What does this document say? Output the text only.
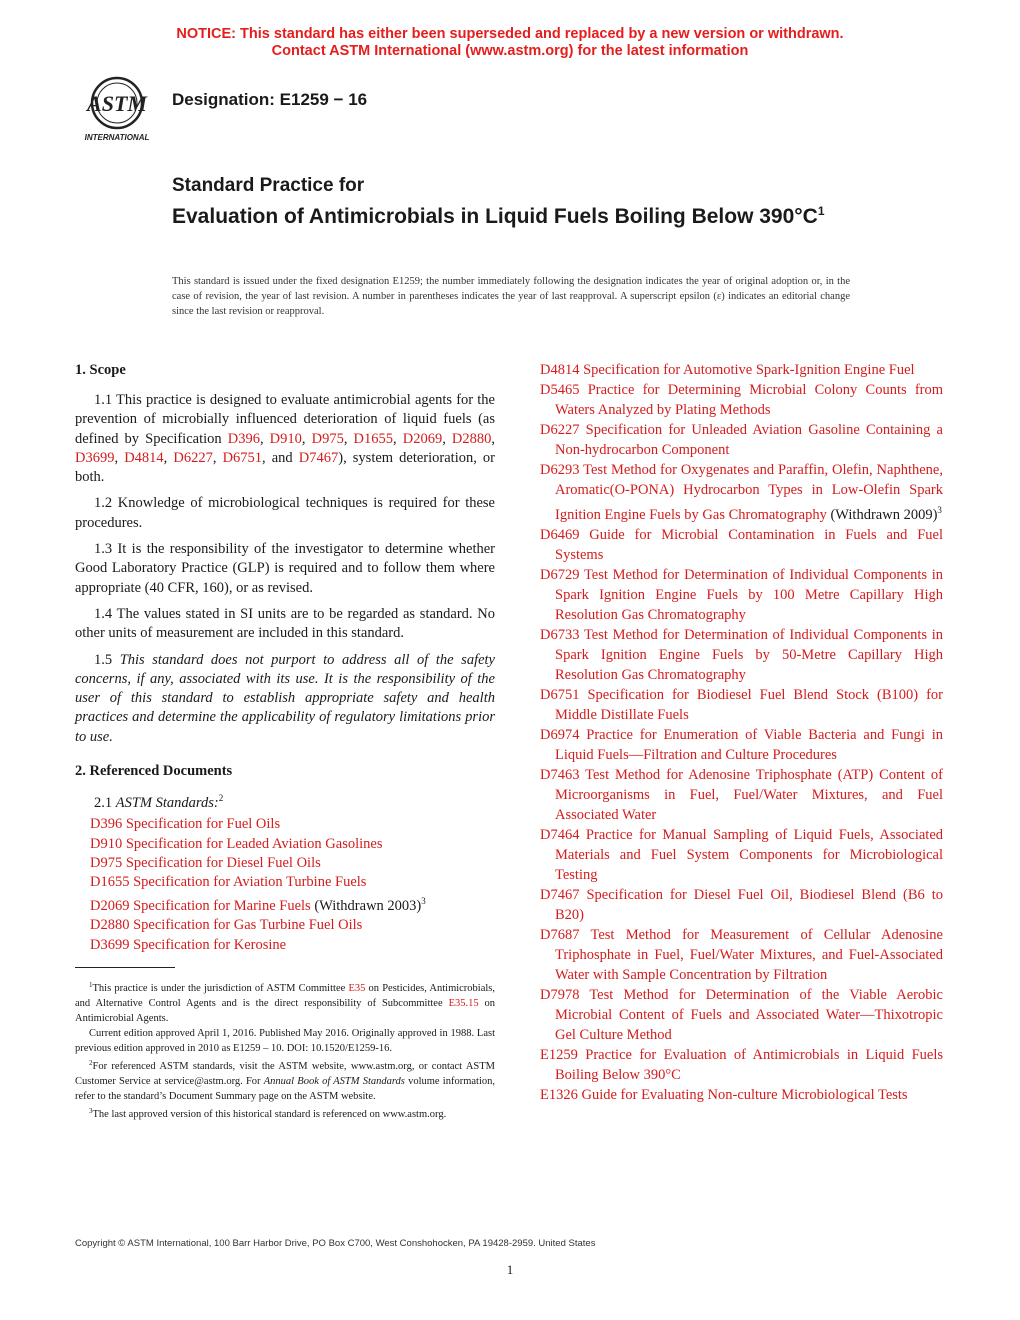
NOTICE: This standard has either been superseded and replaced by a new version or withdrawn.
Contact ASTM International (www.astm.org) for the latest information
ASTM
INTERNATIONAL
Designation: E1259 − 16
Standard Practice for
Evaluation of Antimicrobials in Liquid Fuels Boiling Below $390^\circ C^1$
This standard is issued under the fixed designation E1259; the number immediately following the designation indicates the year of original adoption or, in the case of revision, the year of last revision. A number in parentheses indicates the year of last reapproval. A superscript epsilon (ε) indicates an editorial change since the last revision or reapproval.
1. Scope

1.1 This practice is designed to evaluate antimicrobial agents for the prevention of microbially influenced deterioration of liquid fuels (as defined by Specification D396, D910, D975, D1655, D2069, D2880, D3699, D4814, D6227, D6751, and D7467), system deterioration, or both.

1.2 Knowledge of microbiological techniques is required for these procedures.

1.3 It is the responsibility of the investigator to determine whether Good Laboratory Practice (GLP) is required and to follow them where appropriate (40 CFR, 160), or as revised.

1.4 The values stated in SI units are to be regarded as standard. No other units of measurement are included in this standard.

1.5 This standard does not purport to address all of the safety concerns, if any, associated with its use. It is the responsibility of the user of this standard to establish appropriate safety and health practices and determine the applicability of regulatory limitations prior to use.

2. Referenced Documents
2.1 ASTM Standards:$^2$
D396 Specification for Fuel Oils
D910 Specification for Leaded Aviation Gasolines
D975 Specification for Diesel Fuel Oils
D1655 Specification for Aviation Turbine Fuels
D2069 Specification for Marine Fuels (Withdrawn 2003)$^3$
D2880 Specification for Gas Turbine Fuel Oils
D3699 Specification for Kerosine
D4814 Specification for Automotive Spark-Ignition Engine Fuel
D5465 Practice for Determining Microbial Colony Counts from Waters Analyzed by Plating Methods
D6227 Specification for Unleaded Aviation Gasoline Containing a Non-hydrocarbon Component
D6293 Test Method for Oxygenates and Paraffin, Olefin, Naphthene, Aromatic(O-PONA) Hydrocarbon Types in Low-Olefin Spark Ignition Engine Fuels by Gas Chromatography (Withdrawn 2009)$^3$
D6469 Guide for Microbial Contamination in Fuels and Fuel Systems
D6729 Test Method for Determination of Individual Components in Spark Ignition Engine Fuels by 100 Metre Capillary High Resolution Gas Chromatography
D6733 Test Method for Determination of Individual Components in Spark Ignition Engine Fuels by 50-Metre Capillary High Resolution Gas Chromatography
D6751 Specification for Biodiesel Fuel Blend Stock (B100) for Middle Distillate Fuels
D6974 Practice for Enumeration of Viable Bacteria and Fungi in Liquid Fuels—Filtration and Culture Procedures
D7463 Test Method for Adenosine Triphosphate (ATP) Content of Microorganisms in Fuel, Fuel/Water Mixtures, and Fuel Associated Water
D7464 Practice for Manual Sampling of Liquid Fuels, Associated Materials and Fuel System Components for Microbiological Testing
D7467 Specification for Diesel Fuel Oil, Biodiesel Blend (B6 to B20)
D7687 Test Method for Measurement of Cellular Adenosine Triphosphate in Fuel, Fuel/Water Mixtures, and Fuel-Associated Water with Sample Concentration by Filtration
D7978 Test Method for Determination of the Viable Aerobic Microbial Content of Fuels and Associated Water—Thixotropic Gel Culture Method
E1259 Practice for Evaluation of Antimicrobials in Liquid Fuels Boiling Below 390°C
E1326 Guide for Evaluating Non-culture Microbiological Tests

$^1$This practice is under the jurisdiction of ASTM Committee E35 on Pesticides, Antimicrobials, and Alternative Control Agents and is the direct responsibility of Subcommittee E35.15 on Antimicrobial Agents.

Current edition approved April 1, 2016. Published May 2016. Originally approved in 1988. Last previous edition approved in 2010 as E1259 – 10. DOI: 10.1520/E1259-16.

$^2$For referenced ASTM standards, visit the ASTM website, www.astm.org, or contact ASTM Customer Service at service@astm.org. For Annual Book of ASTM Standards volume information, refer to the standard’s Document Summary page on the ASTM website.

$^3$The last approved version of this historical standard is referenced on www.astm.org.

Copyright © ASTM International, 100 Barr Harbor Drive, PO Box C700, West Conshohocken, PA 19428-2959. United States
1
